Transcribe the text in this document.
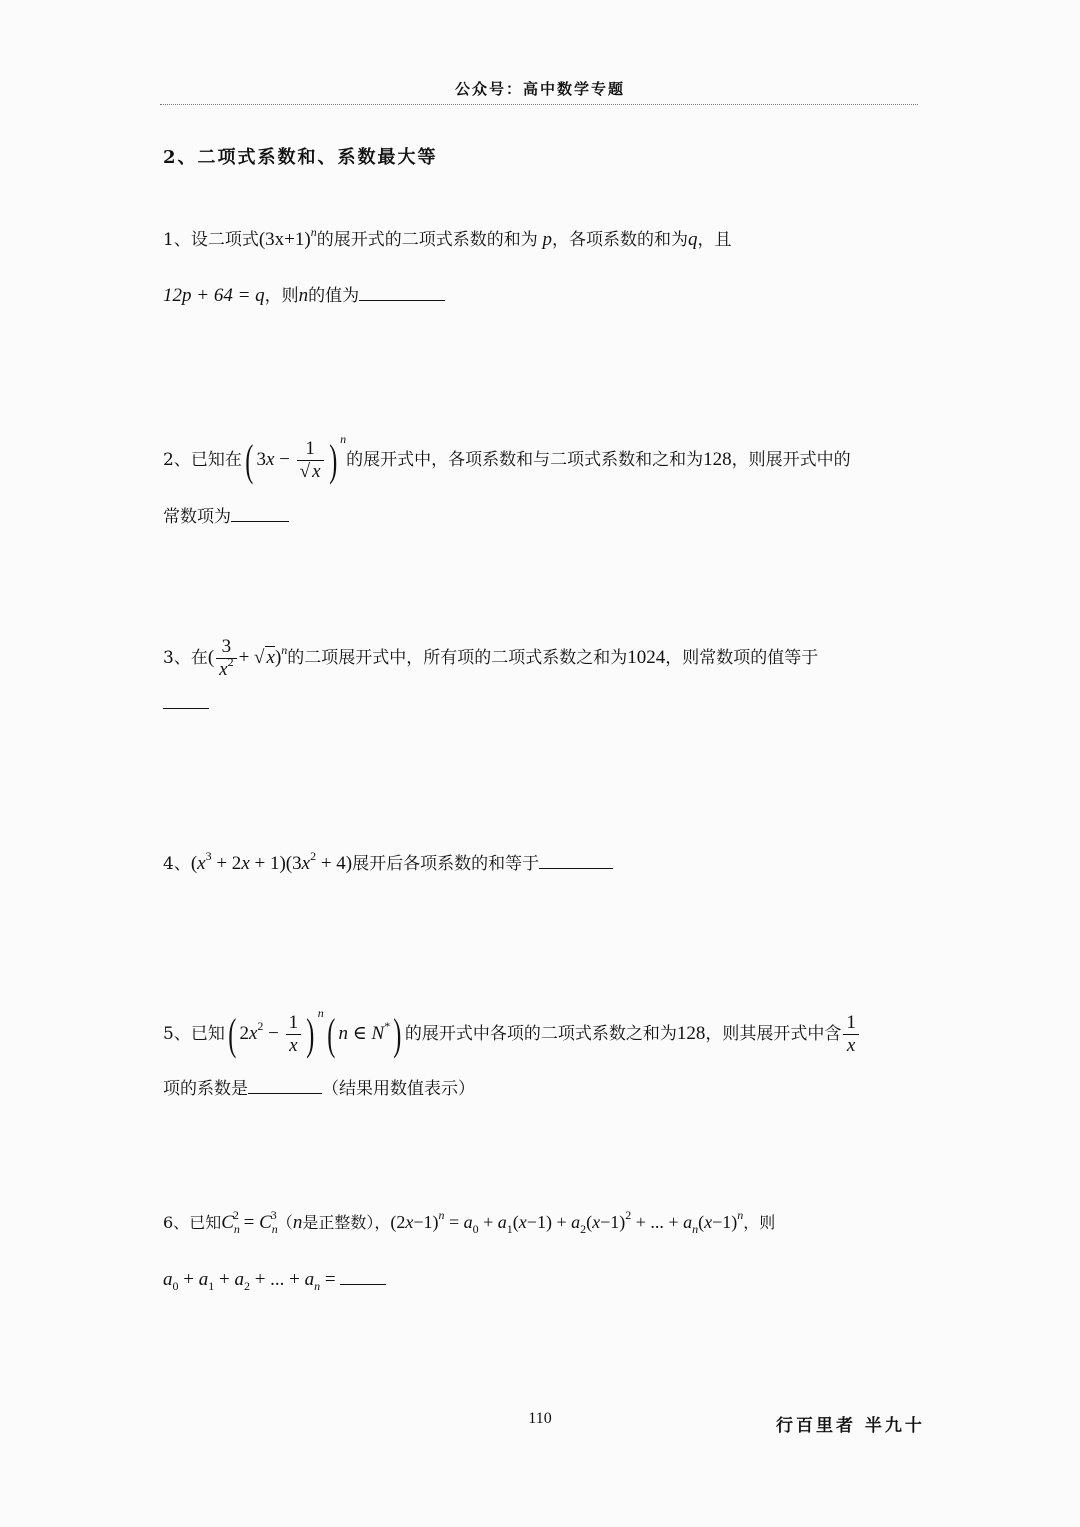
公众号：高中数学专题
2、二项式系数和、系数最大等
1、设二项式$(3x+1)^n$的展开式的二项式系数的和为 p，各项系数的和为q，且
12p + 64 = q，则n的值为
2、已知在( $3x - \frac{1}{√ x}$ ) $^n$的展开式中，各项系数和与二项式系数和之和为128，则展开式中的
常数项为
3、在( $\frac{3}{x^2}$ + √ x)$^n$的二项展开式中，所有项的二项式系数之和为1024，则常数项的值等于
4、$(x^3 + 2x + 1)(3x^2 + 4)$展开后各项系数的和等于
5、已知( $2x^2 - \frac{1}{x}$ ) $^n$( n ∈ N*) 的展开式中各项的二项式系数之和为128，则其展开式中含 $\frac{1}{x}$
项的系数是	（结果用数值表示）
6、已知$C_n^2 = C_n^3(n$是正整数），$(2x-1)^n = a_0 + a_1(x-1) + a_2(x-1)^2$ + ... + $a_n(x-1)^n$，则
$a_0 + a_1 + a_2$ + ... + $a_n$ =
110	行百里者 半九十
